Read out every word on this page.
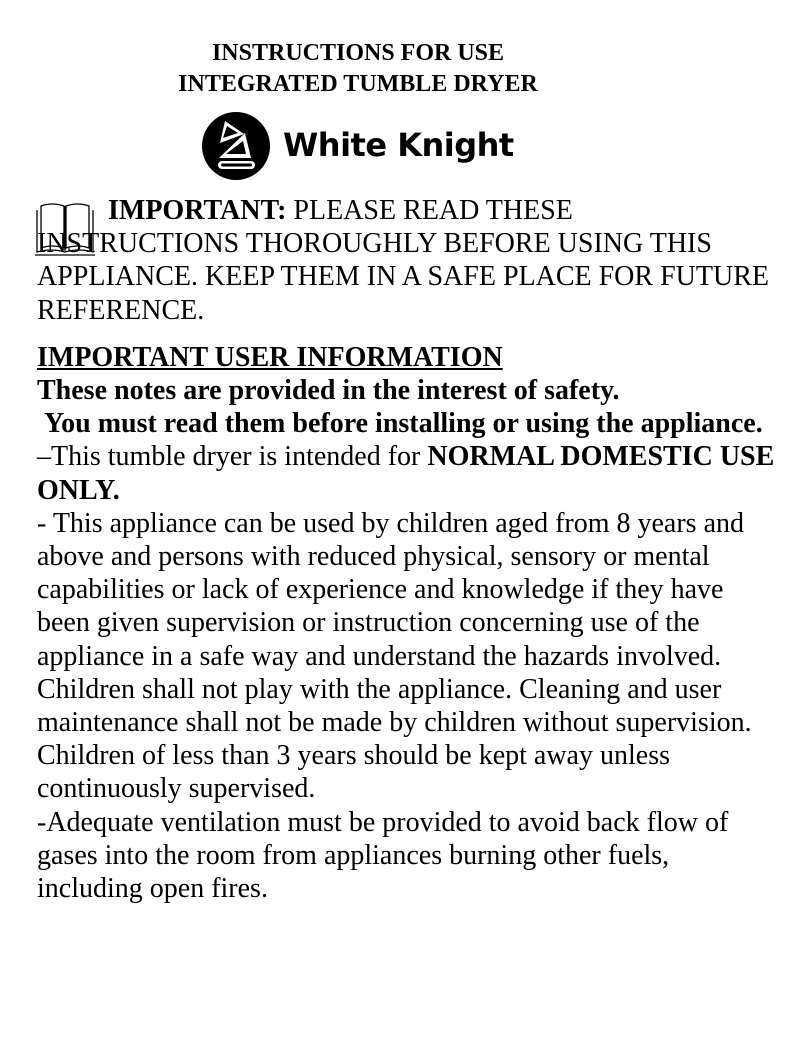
INSTRUCTIONS FOR USE
INTEGRATED TUMBLE DRYER
White Knight
IMPORTANT: PLEASE READ THESE INSTRUCTIONS THOROUGHLY BEFORE USING THIS APPLIANCE. KEEP THEM IN A SAFE PLACE FOR FUTURE REFERENCE.
IMPORTANT USER INFORMATION
These notes are provided in the interest of safety.
You must read them before installing or using the appliance.
–This tumble dryer is intended for NORMAL DOMESTIC USE ONLY.
- This appliance can be used by children aged from 8 years and above and persons with reduced physical, sensory or mental capabilities or lack of experience and knowledge if they have been given supervision or instruction concerning use of the appliance in a safe way and understand the hazards involved. Children shall not play with the appliance. Cleaning and user maintenance shall not be made by children without supervision. Children of less than 3 years should be kept away unless continuously supervised.
-Adequate ventilation must be provided to avoid back flow of gases into the room from appliances burning other fuels, including open fires.
